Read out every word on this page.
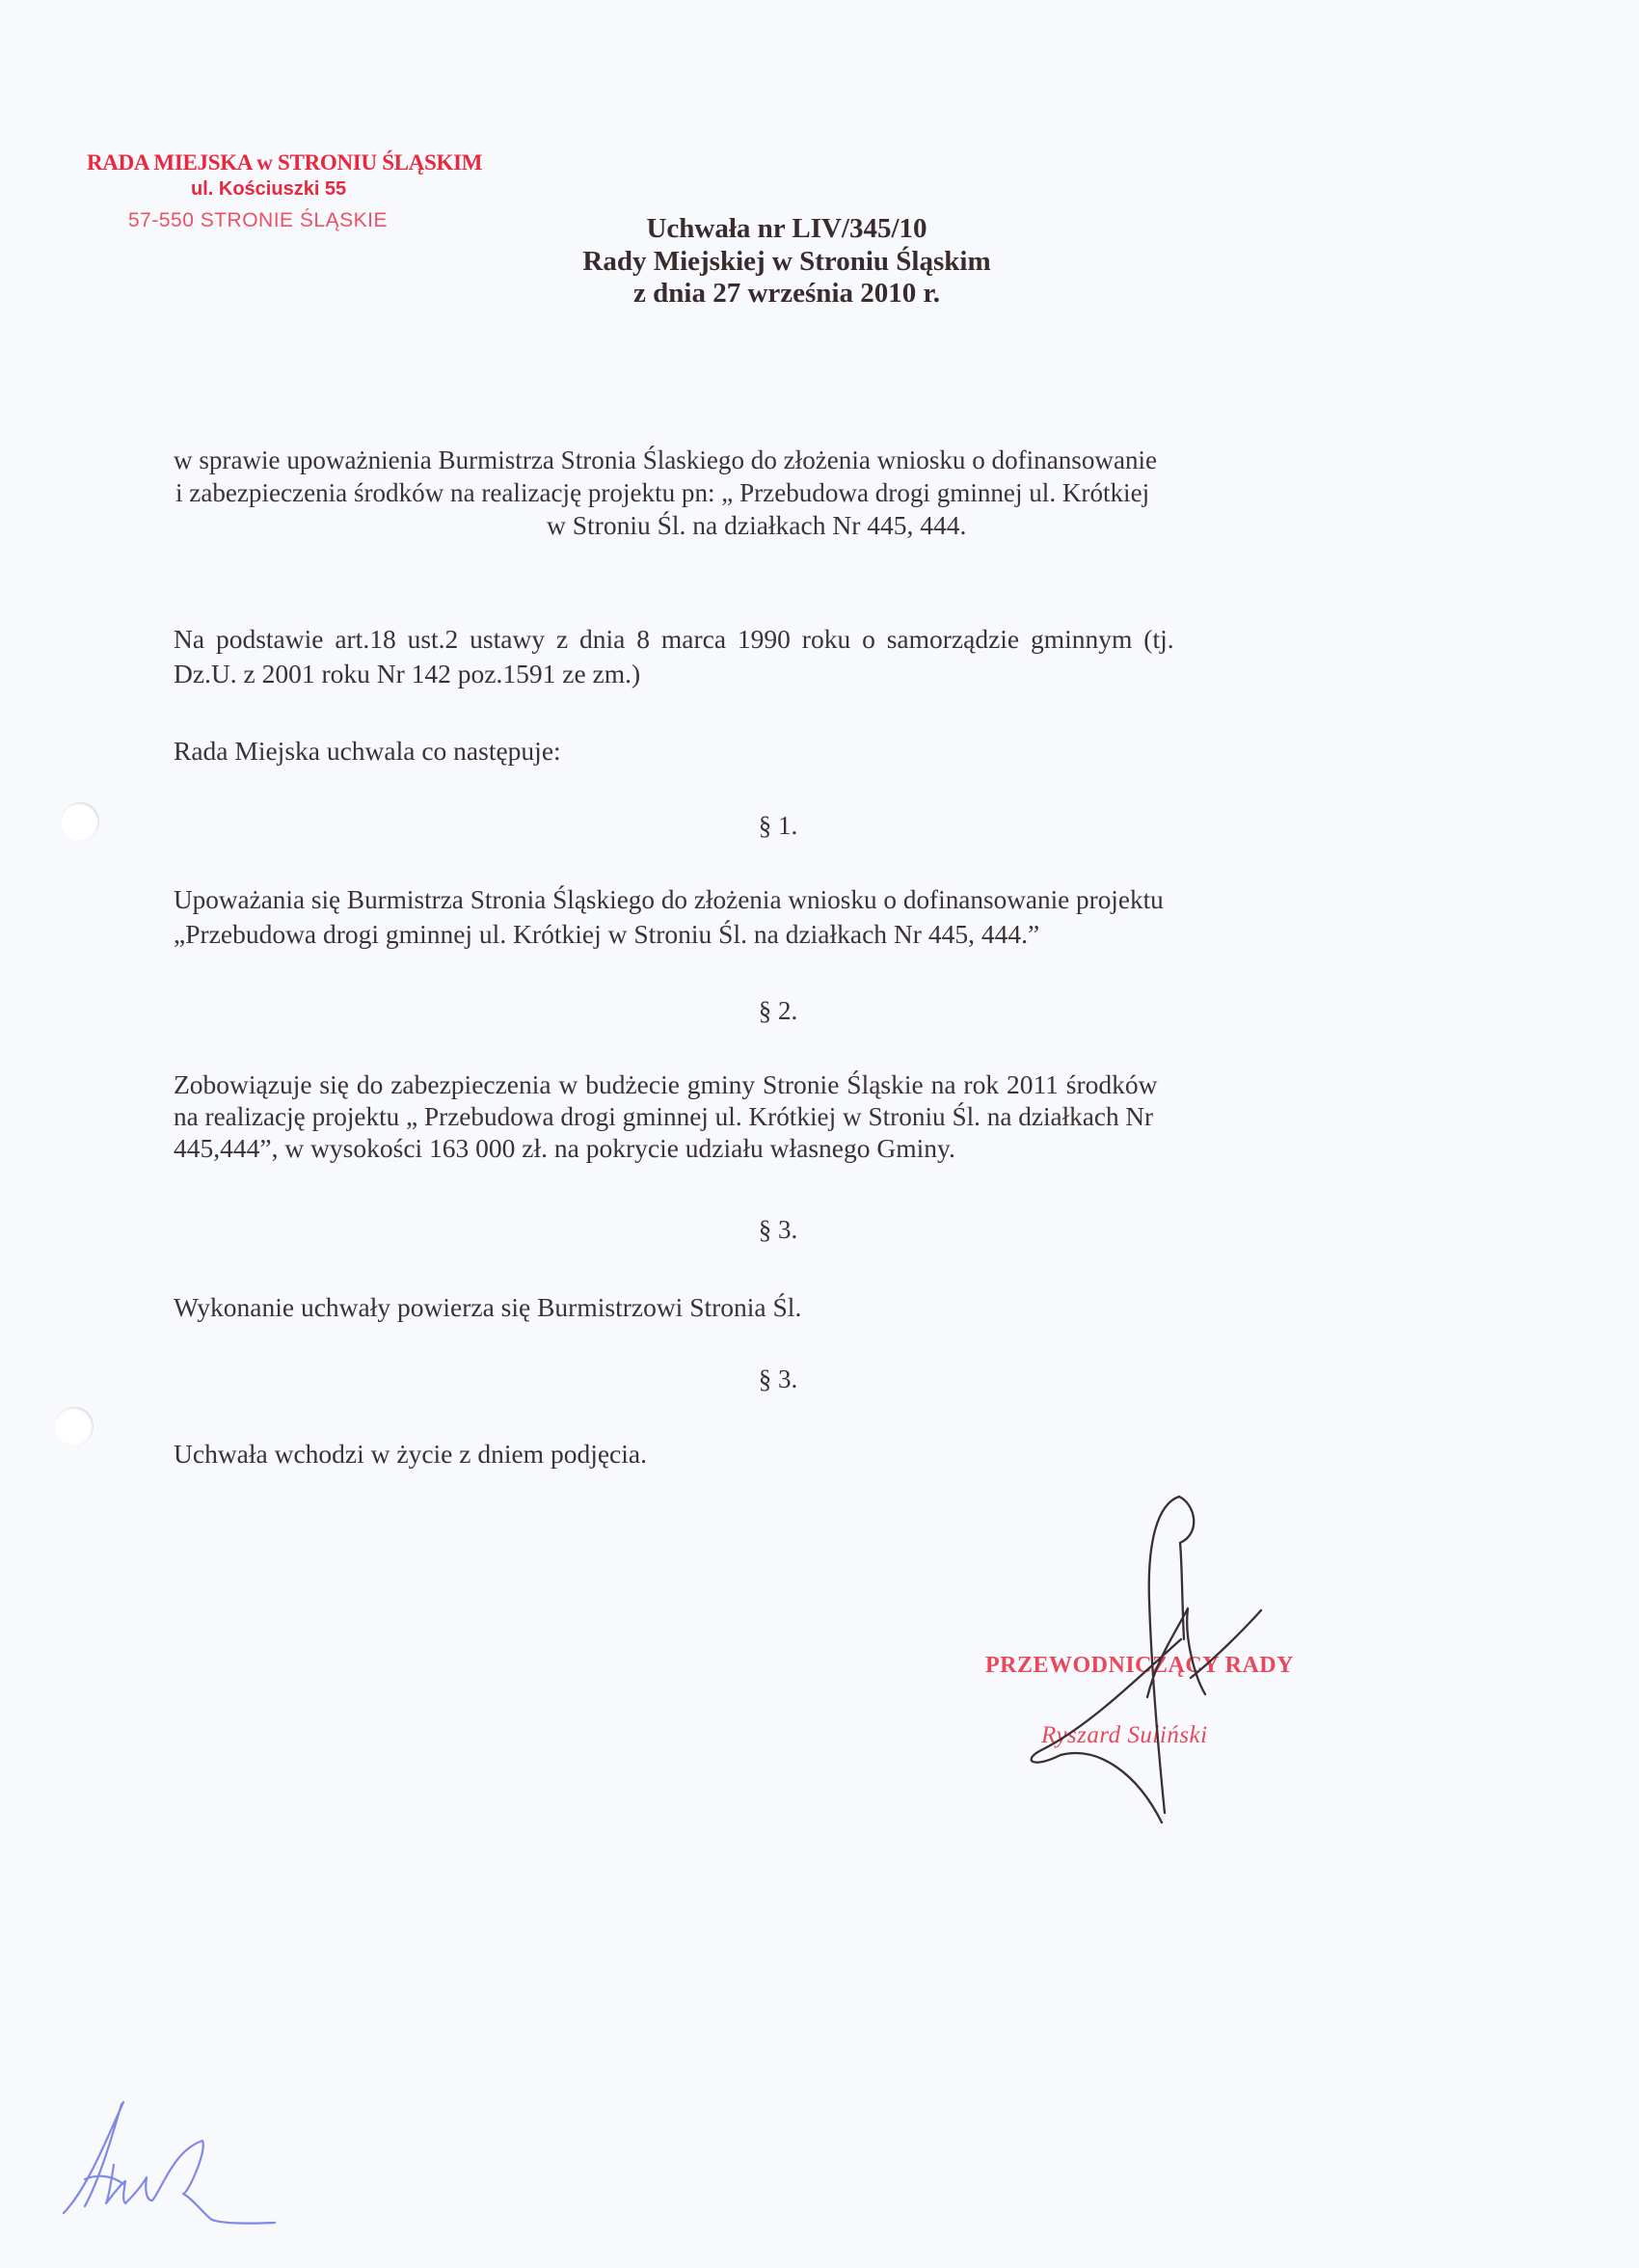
RADA MIEJSKA w STRONIU ŚLĄSKIM
ul. Kościuszki 55
57-550 STRONIE ŚLĄSKIE	Uchwała nr LIV/345/10
Rady Miejskiej w Stroniu Śląskim
z dnia 27 września 2010 r.
w sprawie upoważnienia Burmistrza Stronia Ślaskiego do złożenia wniosku o dofinansowanie
i zabezpieczenia środków na realizację projektu pn: „ Przebudowa drogi gminnej ul. Krótkiej
w Stroniu Śl. na działkach Nr 445, 444.
Na podstawie art.18 ust.2 ustawy z dnia 8 marca 1990 roku o samorządzie gminnym (tj.
Dz.U. z 2001 roku Nr 142 poz.1591 ze zm.)
Rada Miejska uchwala co następuje:
§ 1.
Upoważania się Burmistrza Stronia Śląskiego do złożenia wniosku o dofinansowanie projektu
„Przebudowa drogi gminnej ul. Krótkiej w Stroniu Śl. na działkach Nr 445, 444.”
§ 2.
Zobowiązuje się do zabezpieczenia w budżecie gminy Stronie Śląskie na rok 2011 środków
na realizację projektu „ Przebudowa drogi gminnej ul. Krótkiej w Stroniu Śl. na działkach Nr
445,444”, w wysokości 163 000 zł. na pokrycie udziału własnego Gminy.
§ 3.
Wykonanie uchwały powierza się Burmistrzowi Stronia Śl.
§ 3.
Uchwała wchodzi w życie z dniem podjęcia.
PRZEWODNICZĄCY RADY
Ryszard Suliński
